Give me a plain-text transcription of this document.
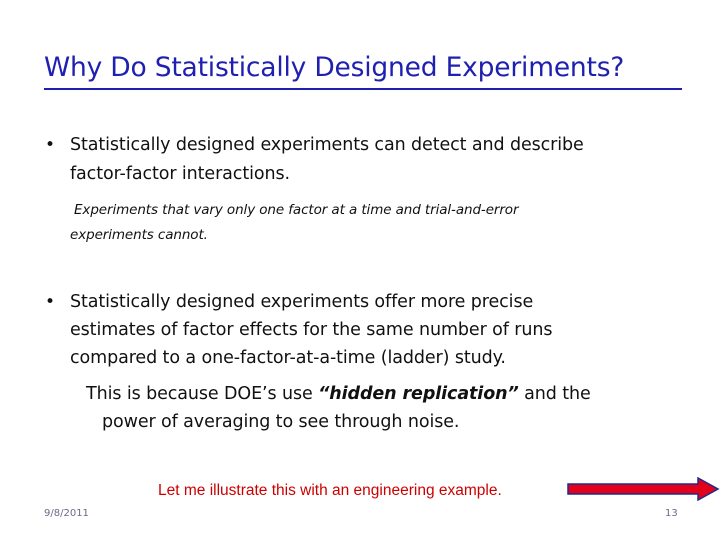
Why Do Statistically Designed Experiments?
• Statistically designed experiments can detect and describe
factor-factor interactions.
Experiments that vary only one factor at a time and trial-and-error
experiments cannot.
• Statistically designed experiments offer more precise
estimates of factor effects for the same number of runs
compared to a one-factor-at-a-time (ladder) study.
This is because DOE’s use “hidden replication” and the
power of averaging to see through noise.
Let me illustrate this with an engineering example.
9/8/2011	13
